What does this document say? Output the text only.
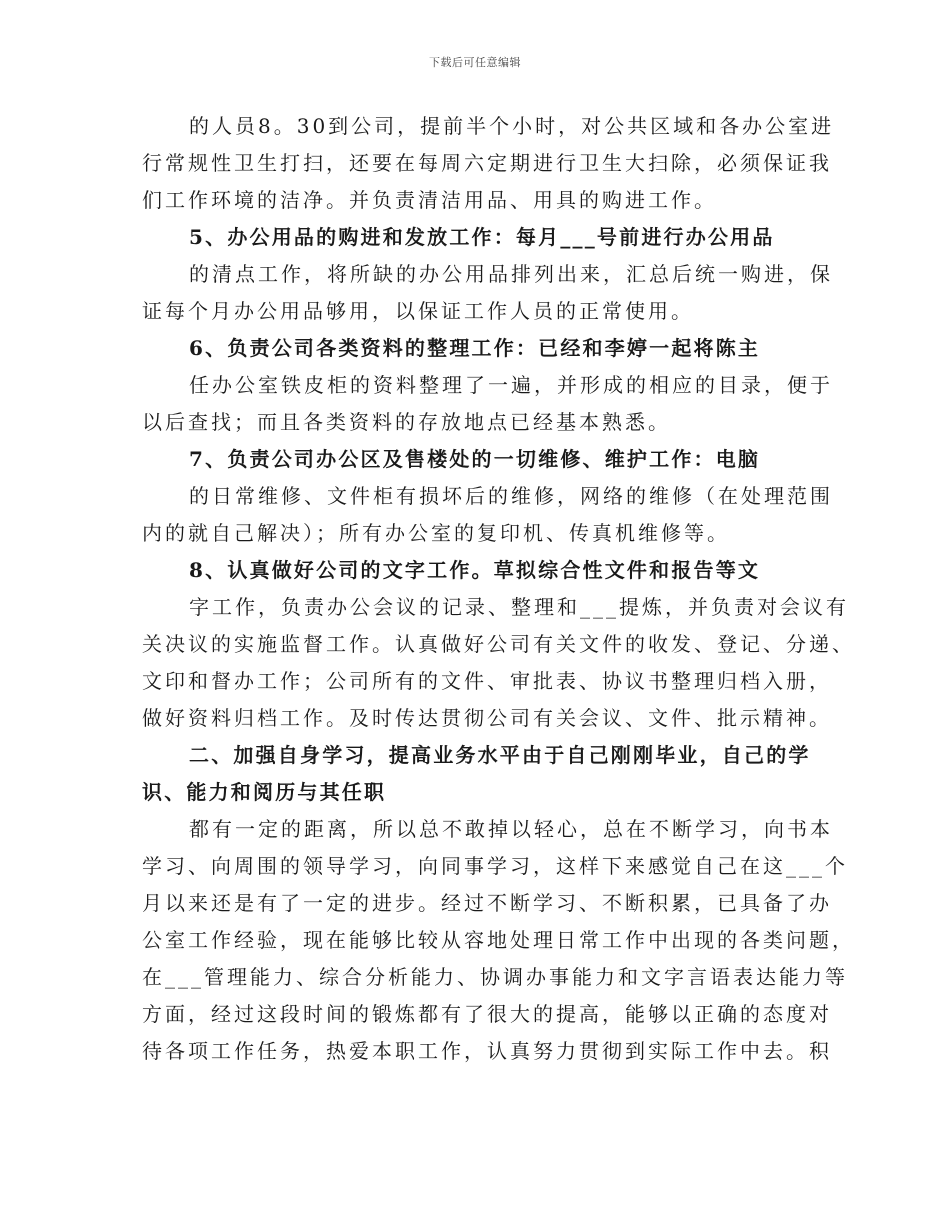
下载后可任意编辑
的人员8。30到公司，提前半个小时，对公共区域和各办公室进
行常规性卫生打扫，还要在每周六定期进行卫生大扫除，必须保证我
们工作环境的洁净。并负责清洁用品、用具的购进工作。
5、办公用品的购进和发放工作：每月___号前进行办公用品
的清点工作，将所缺的办公用品排列出来，汇总后统一购进，保
证每个月办公用品够用，以保证工作人员的正常使用。
6、负责公司各类资料的整理工作：已经和李婷一起将陈主
任办公室铁皮柜的资料整理了一遍，并形成的相应的目录，便于
以后查找；而且各类资料的存放地点已经基本熟悉。
7、负责公司办公区及售楼处的一切维修、维护工作：电脑
的日常维修、文件柜有损坏后的维修，网络的维修（在处理范围
内的就自己解决）；所有办公室的复印机、传真机维修等。
8、认真做好公司的文字工作。草拟综合性文件和报告等文
字工作，负责办公会议的记录、整理和___提炼，并负责对会议有
关决议的实施监督工作。认真做好公司有关文件的收发、登记、分递、
文印和督办工作；公司所有的文件、审批表、协议书整理归档入册，
做好资料归档工作。及时传达贯彻公司有关会议、文件、批示精神。
二、加强自身学习，提高业务水平由于自己刚刚毕业，自己的学
识、能力和阅历与其任职
都有一定的距离，所以总不敢掉以轻心，总在不断学习，向书本
学习、向周围的领导学习，向同事学习，这样下来感觉自己在这___个
月以来还是有了一定的进步。经过不断学习、不断积累，已具备了办
公室工作经验，现在能够比较从容地处理日常工作中出现的各类问题，
在___管理能力、综合分析能力、协调办事能力和文字言语表达能力等
方面，经过这段时间的锻炼都有了很大的提高，能够以正确的态度对
待各项工作任务，热爱本职工作，认真努力贯彻到实际工作中去。积
